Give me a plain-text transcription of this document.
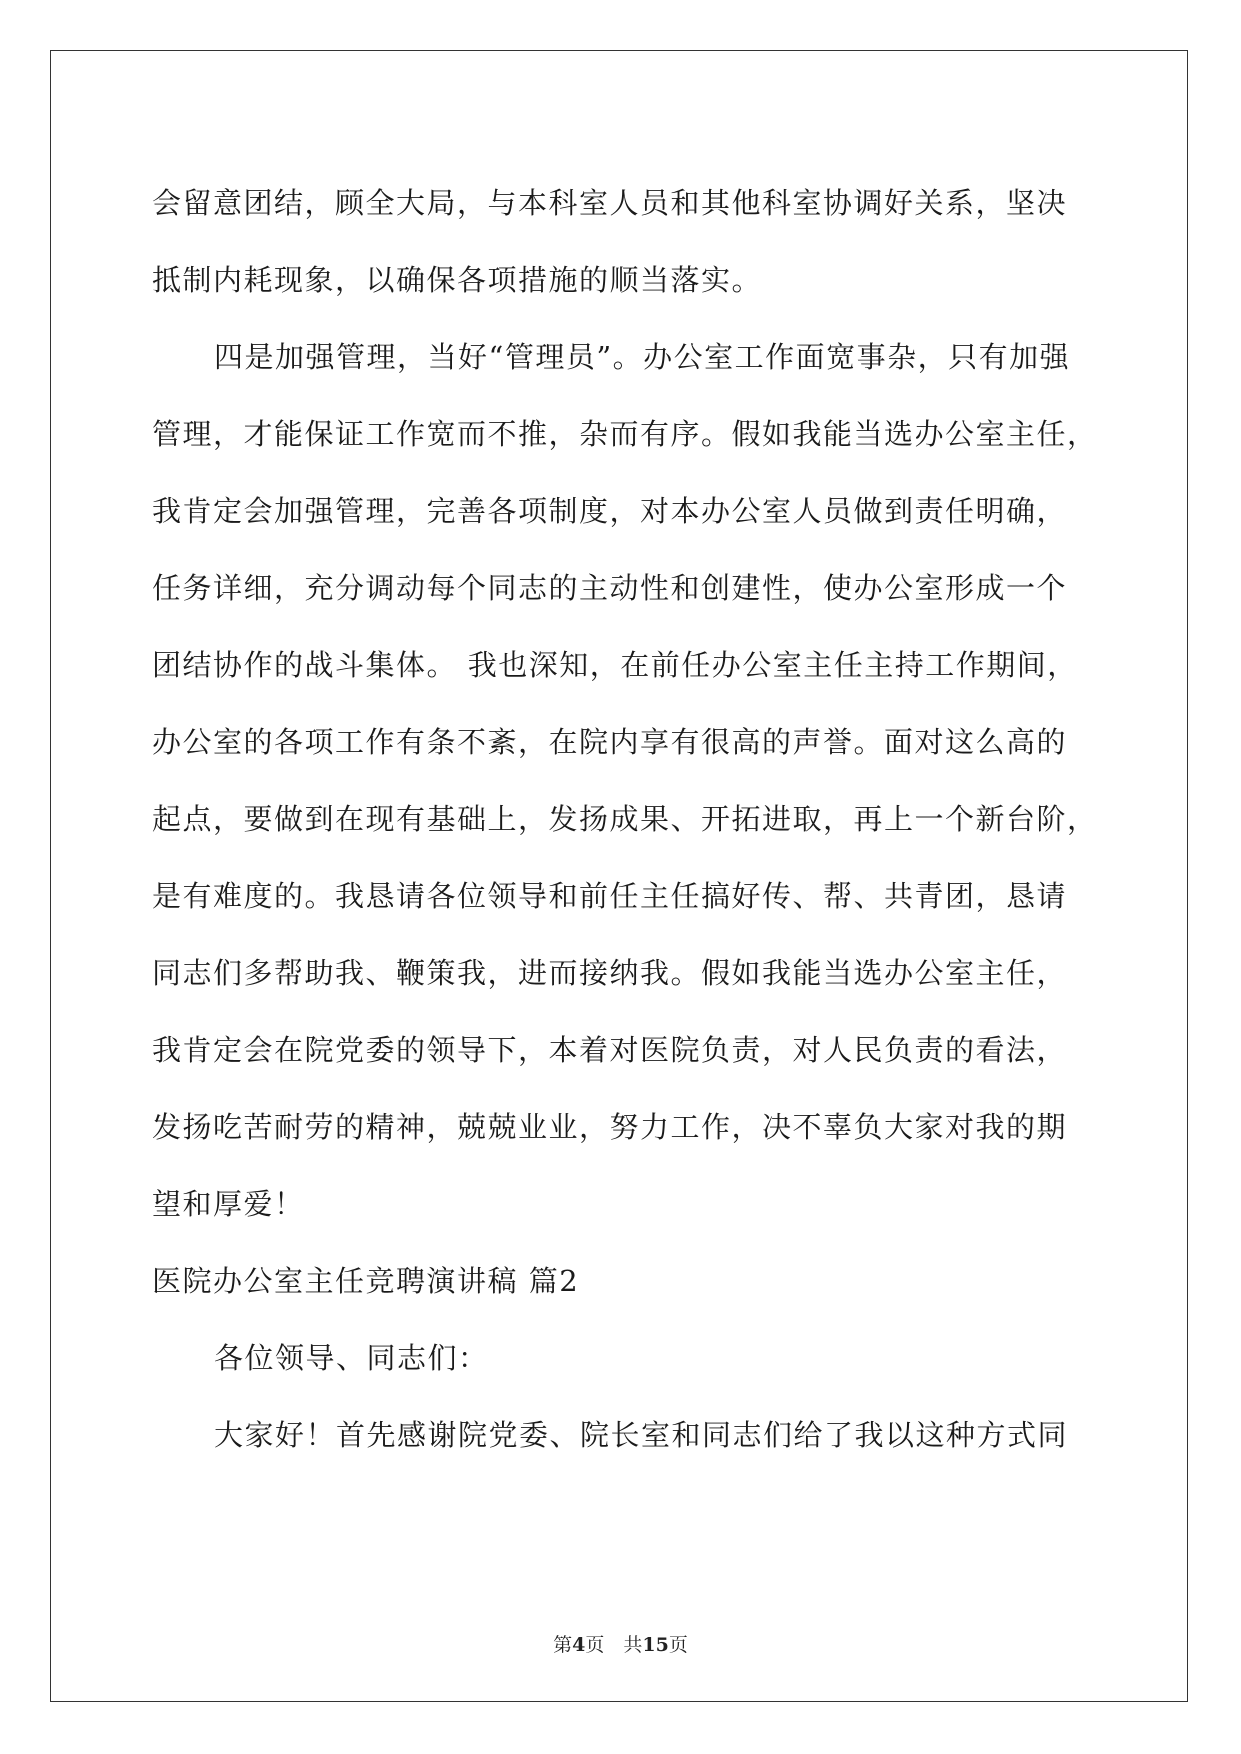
会留意团结，顾全大局，与本科室人员和其他科室协调好关系，坚决
抵制内耗现象，以确保各项措施的顺当落实。
四是加强管理，当好“管理员”。办公室工作面宽事杂，只有加强
管理，才能保证工作宽而不推，杂而有序。假如我能当选办公室主任，
我肯定会加强管理，完善各项制度，对本办公室人员做到责任明确，
任务详细，充分调动每个同志的主动性和创建性，使办公室形成一个
团结协作的战斗集体。 我也深知，在前任办公室主任主持工作期间，
办公室的各项工作有条不紊，在院内享有很高的声誉。面对这么高的
起点，要做到在现有基础上，发扬成果、开拓进取，再上一个新台阶，
是有难度的。我恳请各位领导和前任主任搞好传、帮、共青团，恳请
同志们多帮助我、鞭策我，进而接纳我。假如我能当选办公室主任，
我肯定会在院党委的领导下，本着对医院负责，对人民负责的看法，
发扬吃苦耐劳的精神，兢兢业业，努力工作，决不辜负大家对我的期
望和厚爱！
医院办公室主任竞聘演讲稿 篇2
各位领导、同志们：
大家好！首先感谢院党委、院长室和同志们给了我以这种方式同
第4页　共15页
